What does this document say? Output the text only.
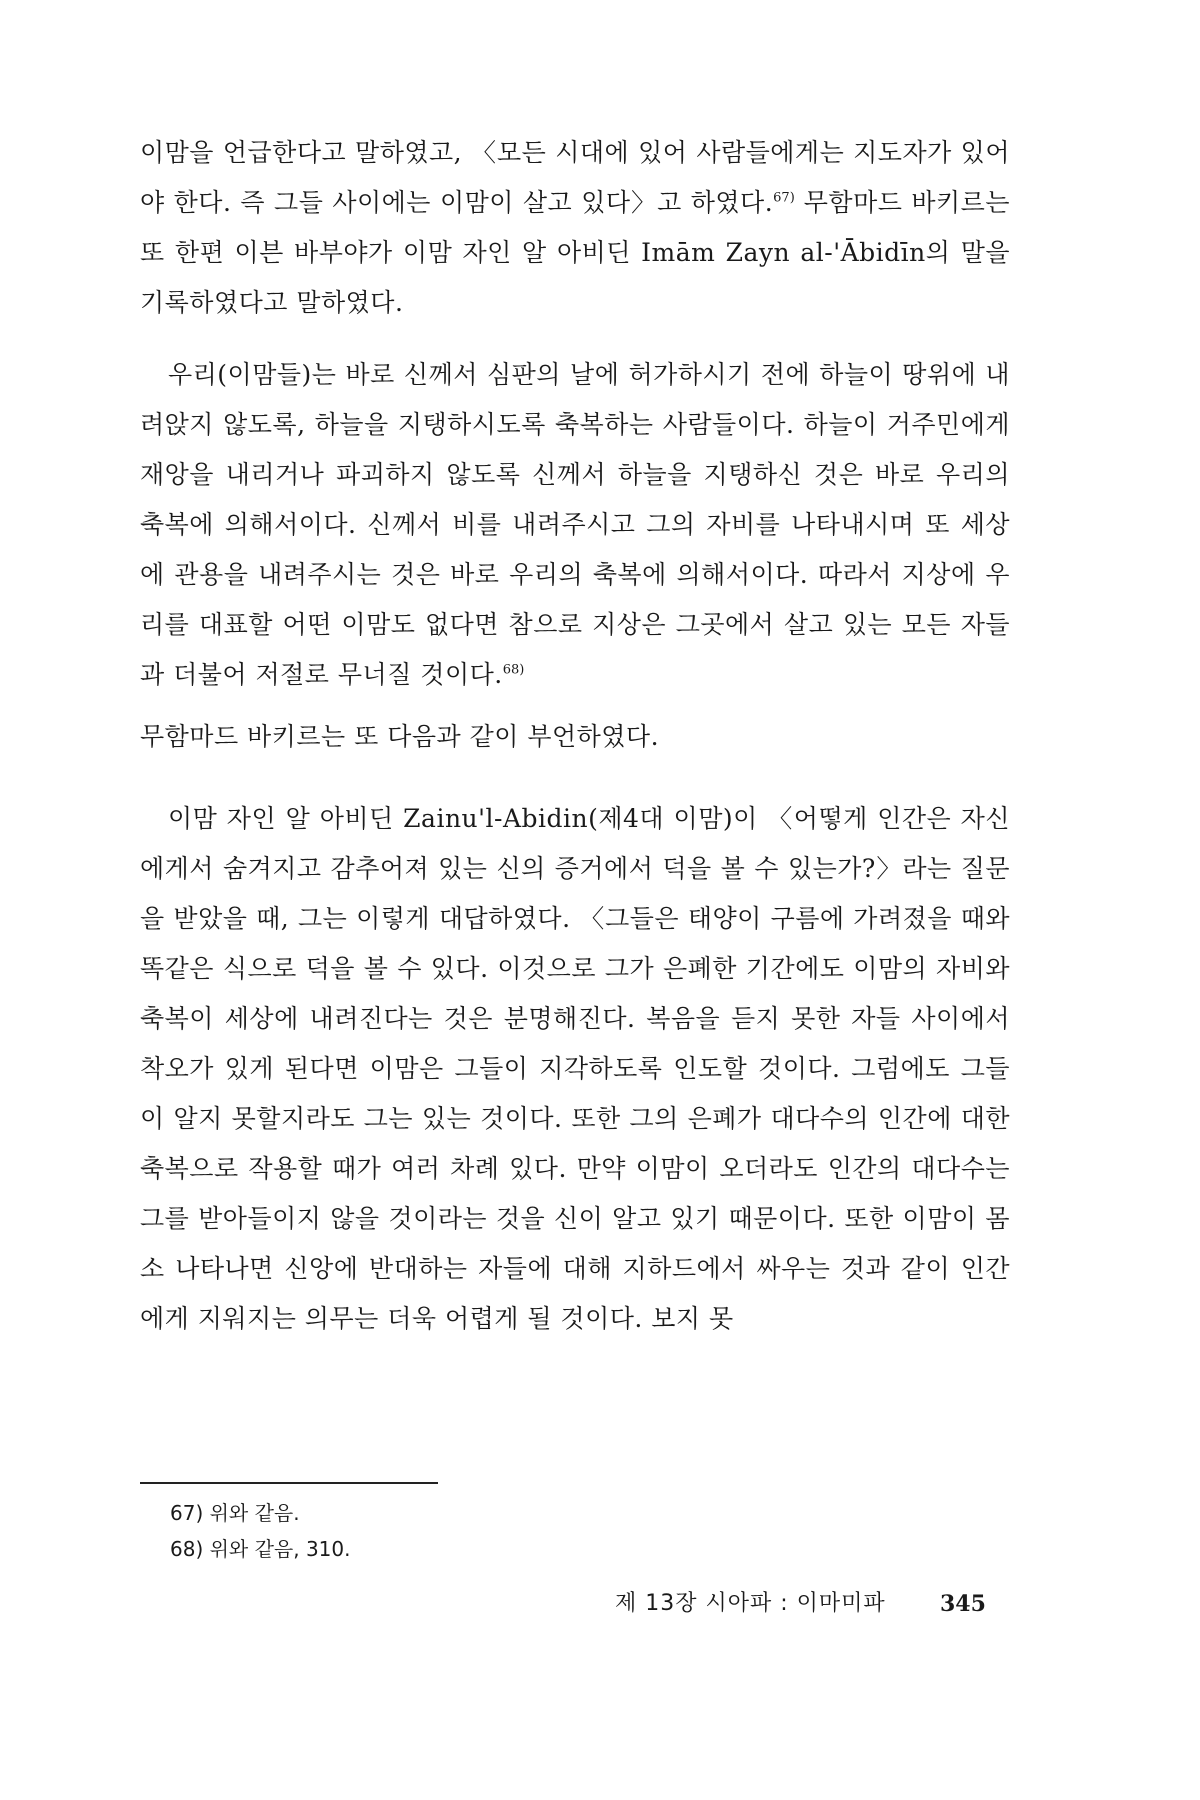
이맘을 언급한다고 말하였고, 〈모든 시대에 있어 사람들에게는 지도자가 있어야 한다. 즉 그들 사이에는 이맘이 살고 있다〉고 하였다.$^{67)}$ 무함마드 바키르는 또 한편 이븐 바부야가 이맘 자인 알 아비딘 Imām Zayn al-'Ābidīn의 말을 기록하였다고 말하였다.

우리(이맘들)는 바로 신께서 심판의 날에 허가하시기 전에 하늘이 땅위에 내려앉지 않도록, 하늘을 지탱하시도록 축복하는 사람들이다. 하늘이 거주민에게 재앙을 내리거나 파괴하지 않도록 신께서 하늘을 지탱하신 것은 바로 우리의 축복에 의해서이다. 신께서 비를 내려주시고 그의 자비를 나타내시며 또 세상에 관용을 내려주시는 것은 바로 우리의 축복에 의해서이다. 따라서 지상에 우리를 대표할 어떤 이맘도 없다면 참으로 지상은 그곳에서 살고 있는 모든 자들과 더불어 저절로 무너질 것이다.$^{68)}$

무함마드 바키르는 또 다음과 같이 부언하였다.

이맘 자인 알 아비딘 Zainu'l-Abidin(제4대 이맘)이 〈어떻게 인간은 자신에게서 숨겨지고 감추어져 있는 신의 증거에서 덕을 볼 수 있는가?〉라는 질문을 받았을 때, 그는 이렇게 대답하였다. 〈그들은 태양이 구름에 가려졌을 때와 똑같은 식으로 덕을 볼 수 있다. 이것으로 그가 은폐한 기간에도 이맘의 자비와 축복이 세상에 내려진다는 것은 분명해진다. 복음을 듣지 못한 자들 사이에서 착오가 있게 된다면 이맘은 그들이 지각하도록 인도할 것이다. 그럼에도 그들이 알지 못할지라도 그는 있는 것이다. 또한 그의 은폐가 대다수의 인간에 대한 축복으로 작용할 때가 여러 차례 있다. 만약 이맘이 오더라도 인간의 대다수는 그를 받아들이지 않을 것이라는 것을 신이 알고 있기 때문이다. 또한 이맘이 몸소 나타나면 신앙에 반대하는 자들에 대해 지하드에서 싸우는 것과 같이 인간에게 지워지는 의무는 더욱 어렵게 될 것이다. 보지 못

67) 위와 같음.
68) 위와 같음, 310.
제 13장 시아파 : 이마미파 345
